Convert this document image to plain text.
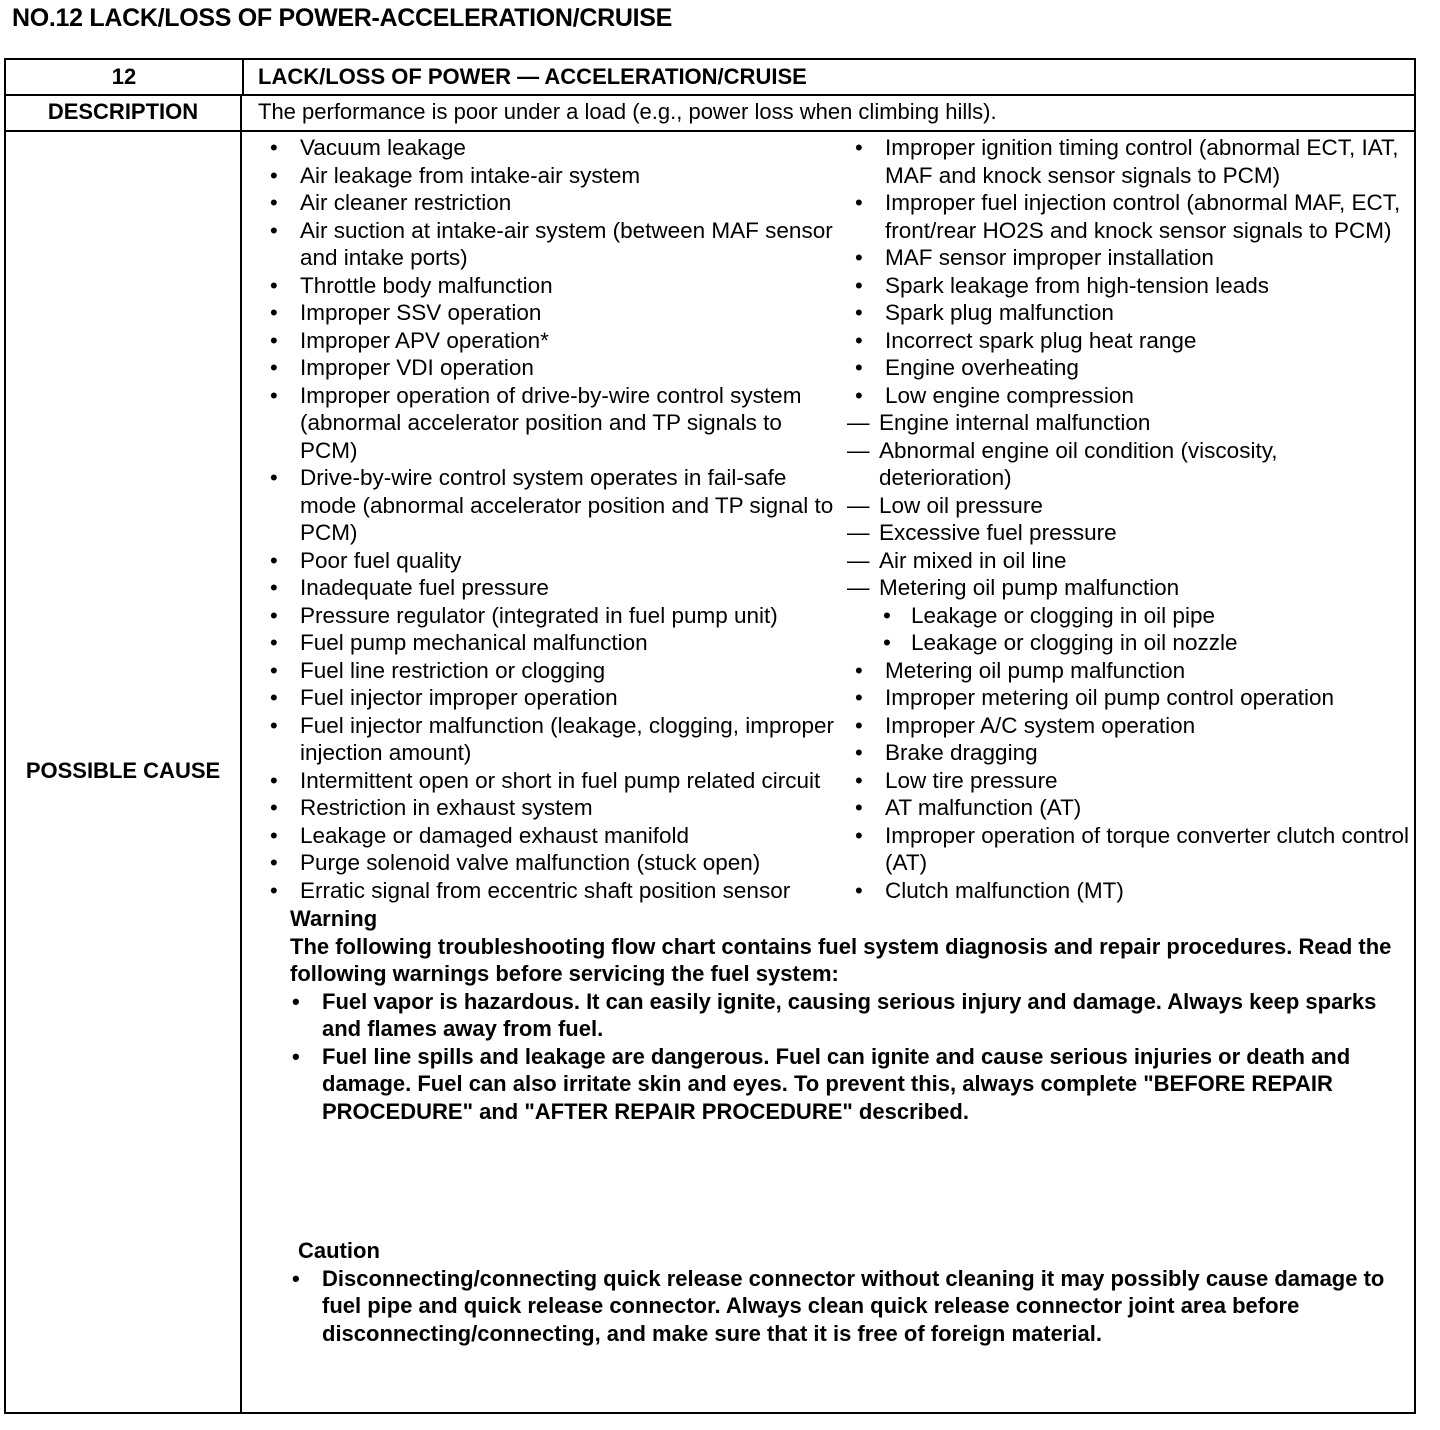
NO.12 LACK/LOSS OF POWER-ACCELERATION/CRUISE
12	LACK/LOSS OF POWER — ACCELERATION/CRUISE
DESCRIPTION	The performance is poor under a load (e.g., power loss when climbing hills).
POSSIBLE CAUSE
• Vacuum leakage
• Air leakage from intake-air system
• Air cleaner restriction
• Air suction at intake-air system (between MAF sensor and intake ports)
• Throttle body malfunction
• Improper SSV operation
• Improper APV operation*
• Improper VDI operation
• Improper operation of drive-by-wire control system (abnormal accelerator position and TP signals to PCM)
• Drive-by-wire control system operates in fail-safe mode (abnormal accelerator position and TP signal to PCM)
• Poor fuel quality
• Inadequate fuel pressure
• Pressure regulator (integrated in fuel pump unit)
• Fuel pump mechanical malfunction
• Fuel line restriction or clogging
• Fuel injector improper operation
• Fuel injector malfunction (leakage, clogging, improper injection amount)
• Intermittent open or short in fuel pump related circuit
• Restriction in exhaust system
• Leakage or damaged exhaust manifold
• Purge solenoid valve malfunction (stuck open)
• Erratic signal from eccentric shaft position sensor
• Improper ignition timing control (abnormal ECT, IAT, MAF and knock sensor signals to PCM)
• Improper fuel injection control (abnormal MAF, ECT, front/rear HO2S and knock sensor signals to PCM)
• MAF sensor improper installation
• Spark leakage from high-tension leads
• Spark plug malfunction
• Incorrect spark plug heat range
• Engine overheating
• Low engine compression
— Engine internal malfunction
— Abnormal engine oil condition (viscosity, deterioration)
— Low oil pressure
— Excessive fuel pressure
— Air mixed in oil line
— Metering oil pump malfunction
• Leakage or clogging in oil pipe
• Leakage or clogging in oil nozzle
• Metering oil pump malfunction
• Improper metering oil pump control operation
• Improper A/C system operation
• Brake dragging
• Low tire pressure
• AT malfunction (AT)
• Improper operation of torque converter clutch control (AT)
• Clutch malfunction (MT)
Warning
The following troubleshooting flow chart contains fuel system diagnosis and repair procedures. Read the following warnings before servicing the fuel system:
• Fuel vapor is hazardous. It can easily ignite, causing serious injury and damage. Always keep sparks and flames away from fuel.
• Fuel line spills and leakage are dangerous. Fuel can ignite and cause serious injuries or death and damage. Fuel can also irritate skin and eyes. To prevent this, always complete "BEFORE REPAIR PROCEDURE" and "AFTER REPAIR PROCEDURE" described.
Caution
• Disconnecting/connecting quick release connector without cleaning it may possibly cause damage to fuel pipe and quick release connector. Always clean quick release connector joint area before disconnecting/connecting, and make sure that it is free of foreign material.
